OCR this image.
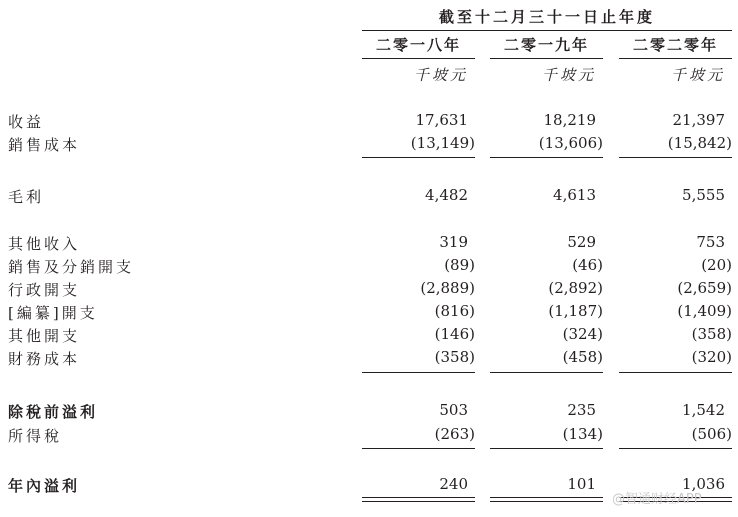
截至十二月三十一日止年度
二零一八年	二零一九年	二零二零年
千坡元	千坡元	千坡元
收益	17,631	18,219	21,397
銷售成本	(13,149)	(13,606)	(15,842)
毛利	4,482	4,613	5,555
其他收入	319	529	753
銷售及分銷開支	(89)	(46)	(20)
行政開支	(2,889)	(2,892)	(2,659)
[編纂]開支	(816)	(1,187)	(1,409)
其他開支	(146)	(324)	(358)
財務成本	(358)	(458)	(320)
除稅前溢利	503	235	1,542
所得稅	(263)	(134)	(506)
年內溢利	240	101	1,036
@智通财经APP
